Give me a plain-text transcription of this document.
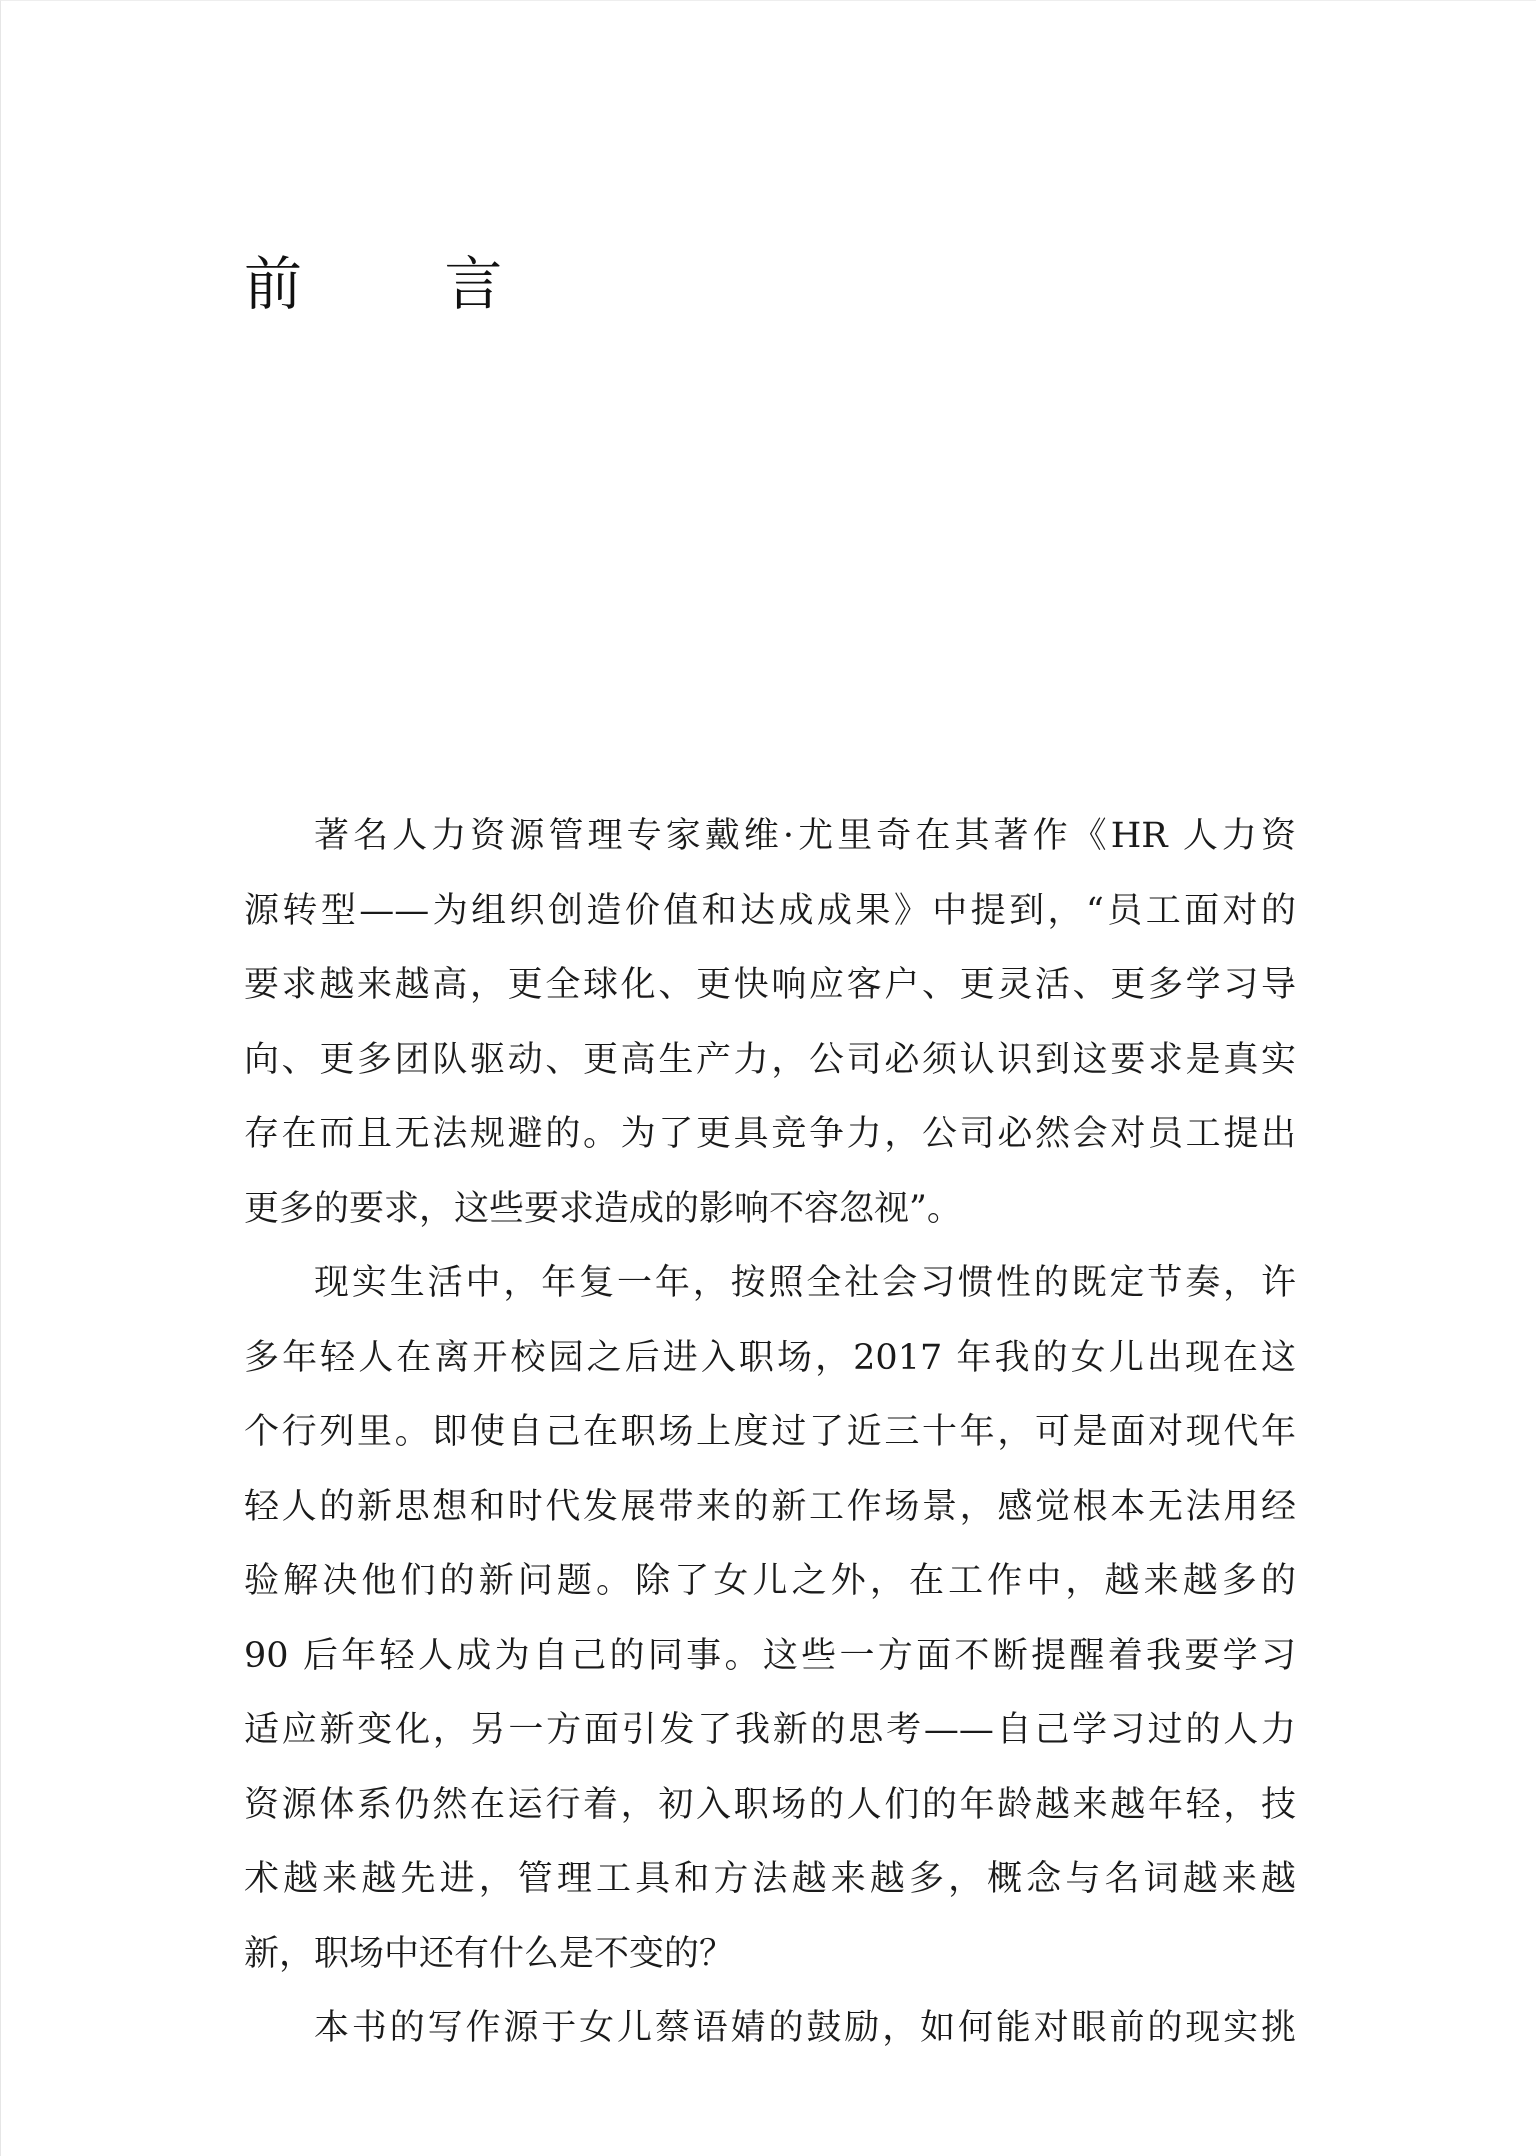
前 言

著名人力资源管理专家戴维·尤里奇在其著作《HR 人力资
源转型——为组织创造价值和达成成果》中提到，“员工面对的
要求越来越高，更全球化、更快响应客户、更灵活、更多学习导
向、更多团队驱动、更高生产力，公司必须认识到这要求是真实
存在而且无法规避的。为了更具竞争力，公司必然会对员工提出
更多的要求，这些要求造成的影响不容忽视”。

现实生活中，年复一年，按照全社会习惯性的既定节奏，许
多年轻人在离开校园之后进入职场，2017 年我的女儿出现在这
个行列里。即使自己在职场上度过了近三十年，可是面对现代年
轻人的新思想和时代发展带来的新工作场景，感觉根本无法用经
验解决他们的新问题。除了女儿之外，在工作中，越来越多的
90 后年轻人成为自己的同事。这些一方面不断提醒着我要学习
适应新变化，另一方面引发了我新的思考——自己学习过的人力
资源体系仍然在运行着，初入职场的人们的年龄越来越年轻，技
术越来越先进，管理工具和方法越来越多，概念与名词越来越
新，职场中还有什么是不变的？

本书的写作源于女儿蔡语婧的鼓励，如何能对眼前的现实挑
